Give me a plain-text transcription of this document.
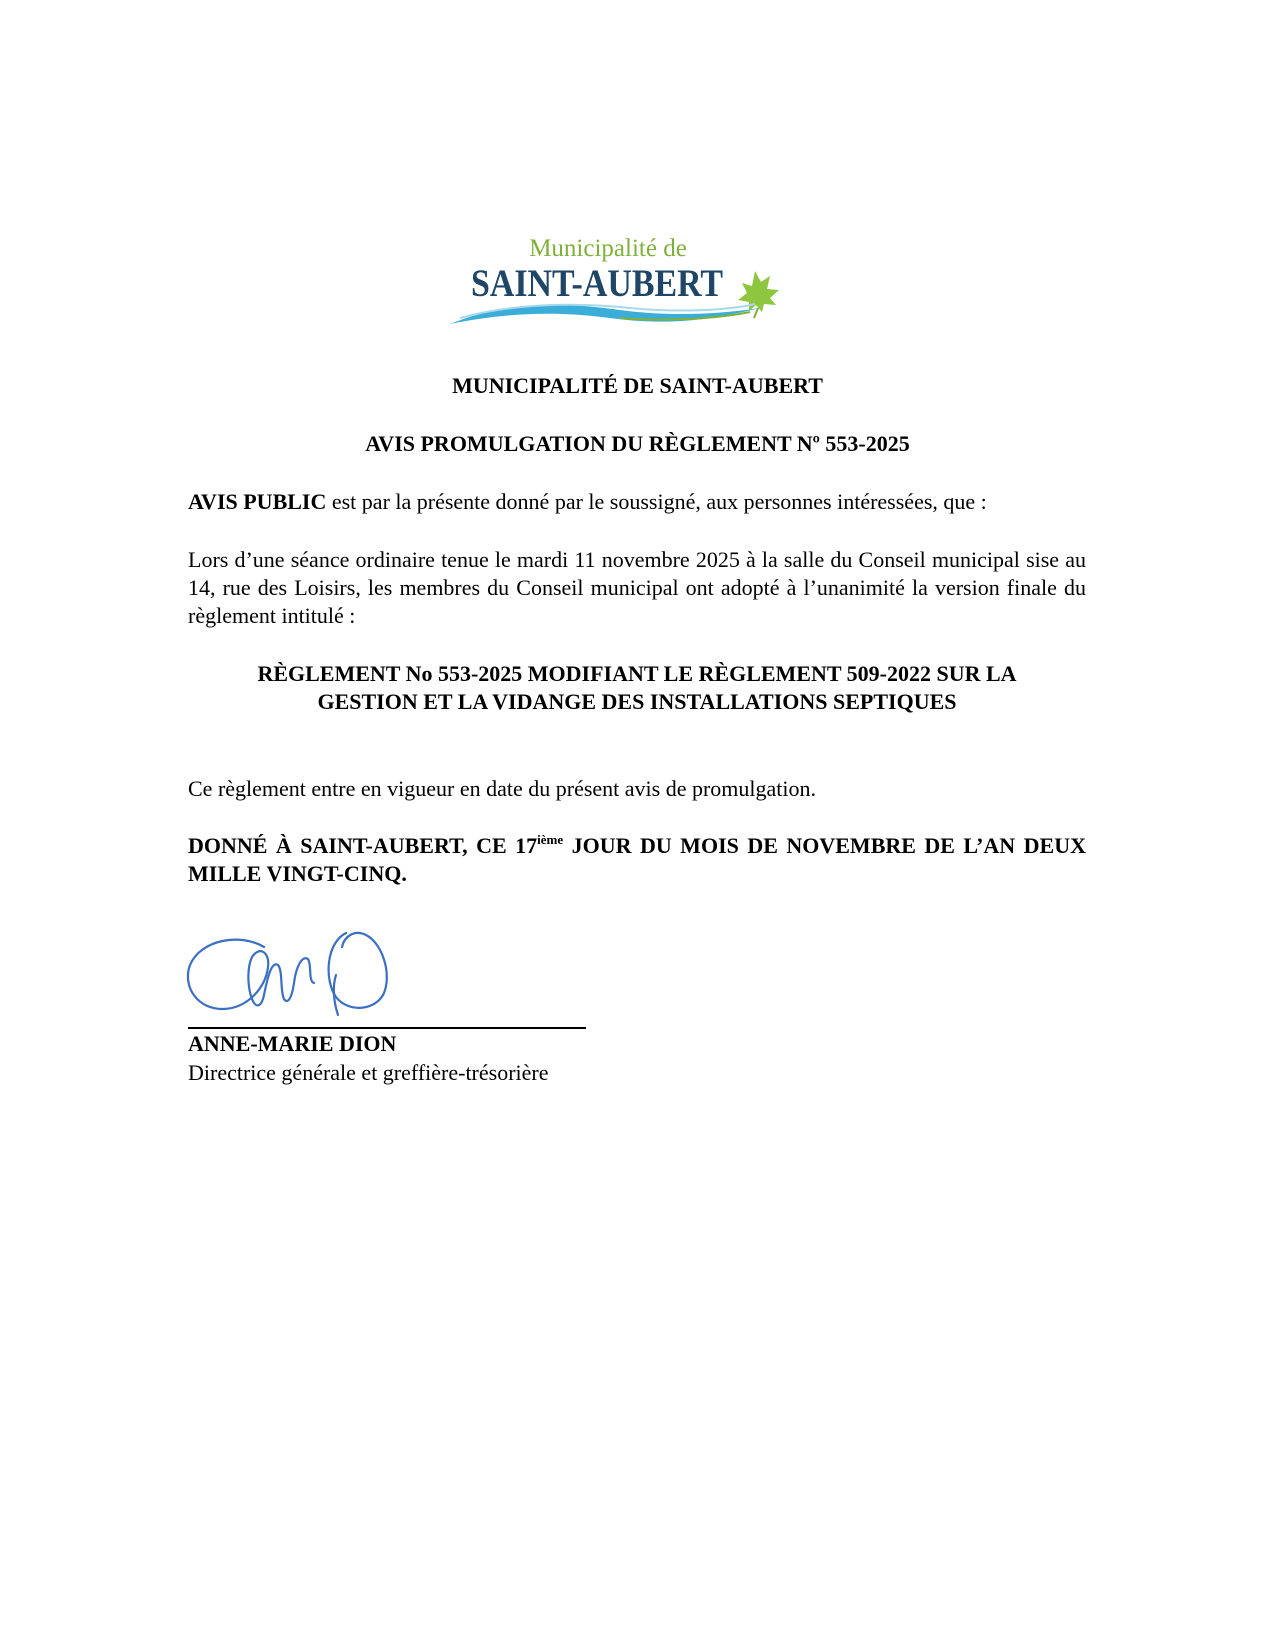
Municipalité de
SAINT-AUBERT

MUNICIPALITÉ DE SAINT-AUBERT

AVIS PROMULGATION DU RÈGLEMENT Nº 553-2025

AVIS PUBLIC est par la présente donné par le soussigné, aux personnes intéressées, que :

Lors d’une séance ordinaire tenue le mardi 11 novembre 2025 à la salle du Conseil municipal sise au 14, rue des Loisirs, les membres du Conseil municipal ont adopté à l’unanimité la version finale du règlement intitulé :

RÈGLEMENT No 553-2025 MODIFIANT LE RÈGLEMENT 509-2022 SUR LA
GESTION ET LA VIDANGE DES INSTALLATIONS SEPTIQUES

Ce règlement entre en vigueur en date du présent avis de promulgation.

DONNÉ À SAINT-AUBERT, CE 17ième JOUR DU MOIS DE NOVEMBRE DE L’AN DEUX MILLE VINGT-CINQ.

ANNE-MARIE DION

Directrice générale et greffière-trésorière
